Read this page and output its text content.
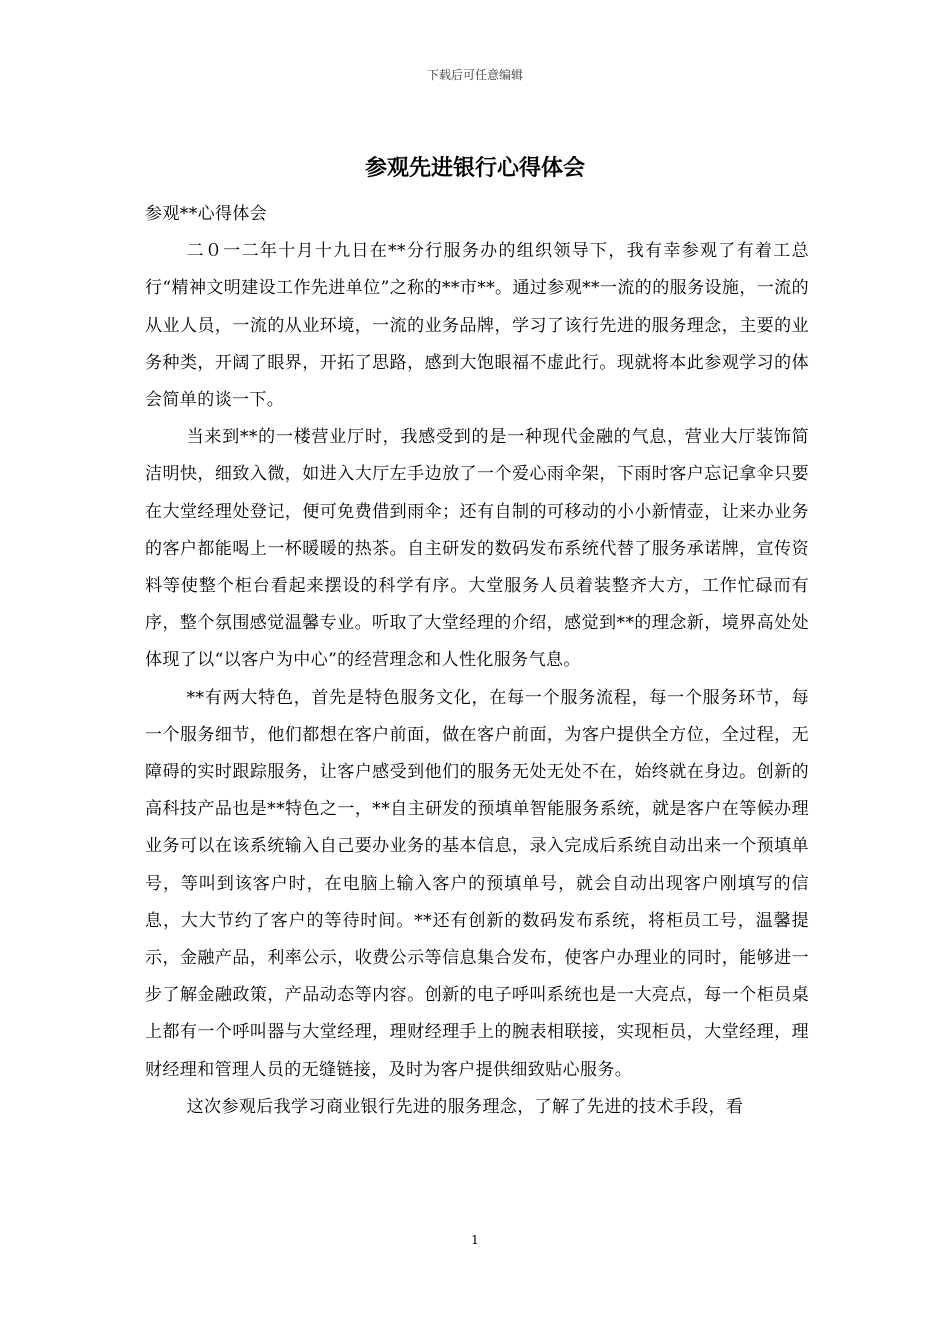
下载后可任意编辑
参观先进银行心得体会

参观**心得体会

二０一二年十月十九日在**分行服务办的组织领导下，我有幸参观了有着工总行“精神文明建设工作先进单位”之称的**市**。通过参观**一流的的服务设施，一流的从业人员，一流的从业环境，一流的业务品牌，学习了该行先进的服务理念，主要的业务种类，开阔了眼界，开拓了思路，感到大饱眼福不虚此行。现就将本此参观学习的体会简单的谈一下。

当来到**的一楼营业厅时，我感受到的是一种现代金融的气息，营业大厅装饰简洁明快，细致入微，如进入大厅左手边放了一个爱心雨伞架，下雨时客户忘记拿伞只要在大堂经理处登记，便可免费借到雨伞；还有自制的可移动的小小新情壶，让来办业务的客户都能喝上一杯暖暖的热茶。自主研发的数码发布系统代替了服务承诺牌，宣传资料等使整个柜台看起来摆设的科学有序。大堂服务人员着装整齐大方，工作忙碌而有序，整个氛围感觉温馨专业。听取了大堂经理的介绍，感觉到**的理念新，境界高处处体现了以“以客户为中心”的经营理念和人性化服务气息。

**有两大特色，首先是特色服务文化，在每一个服务流程，每一个服务环节，每一个服务细节，他们都想在客户前面，做在客户前面，为客户提供全方位，全过程，无障碍的实时跟踪服务，让客户感受到他们的服务无处无处不在，始终就在身边。创新的高科技产品也是**特色之一，**自主研发的预填单智能服务系统，就是客户在等候办理业务可以在该系统输入自己要办业务的基本信息，录入完成后系统自动出来一个预填单号，等叫到该客户时，在电脑上输入客户的预填单号，就会自动出现客户刚填写的信息，大大节约了客户的等待时间。**还有创新的数码发布系统，将柜员工号，温馨提示，金融产品，利率公示，收费公示等信息集合发布，使客户办理业的同时，能够进一步了解金融政策，产品动态等内容。创新的电子呼叫系统也是一大亮点，每一个柜员桌上都有一个呼叫器与大堂经理，理财经理手上的腕表相联接，实现柜员，大堂经理，理财经理和管理人员的无缝链接，及时为客户提供细致贴心服务。

这次参观后我学习商业银行先进的服务理念，了解了先进的技术手段，看

1
